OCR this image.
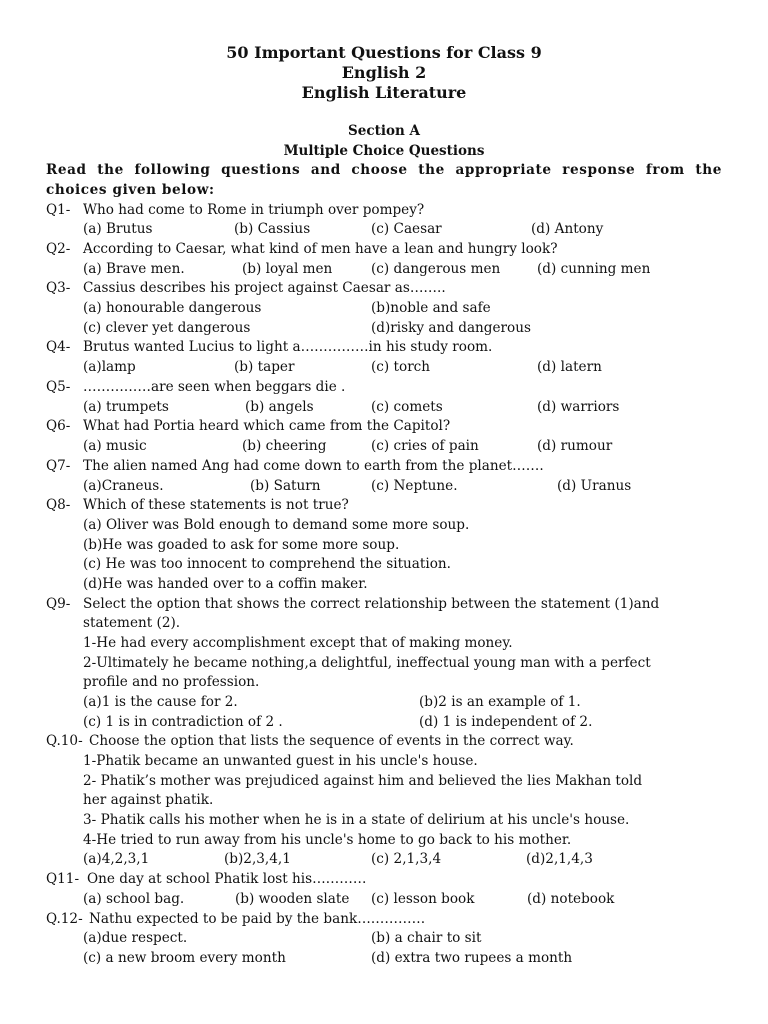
50 Important Questions for Class 9
English 2
English Literature
Section A
Multiple Choice Questions
Read the following questions and choose the appropriate response from the
choices given below:
Q1- Who had come to Rome in triumph over pompey?
(a) Brutus	(b) Cassius	(c) Caesar	(d) Antony
Q2- According to Caesar, what kind of men have a lean and hungry look?
(a) Brave men.	(b) loyal men	(c) dangerous men	(d) cunning men
Q3- Cassius describes his project against Caesar as……..
(a) honourable dangerous	(b)noble and safe
(c) clever yet dangerous	(d)risky and dangerous
Q4- Brutus wanted Lucius to light a……………in his study room.
(a)lamp	(b) taper	(c) torch	(d) latern
Q5- ……………are seen when beggars die .
(a) trumpets	(b) angels	(c) comets	(d) warriors
Q6- What had Portia heard which came from the Capitol?
(a) music	(b) cheering	(c) cries of pain	(d) rumour
Q7- The alien named Ang had come down to earth from the planet…….
(a)Craneus.	(b) Saturn	(c) Neptune.	(d) Uranus
Q8- Which of these statements is not true?
(a) Oliver was Bold enough to demand some more soup.
(b)He was goaded to ask for some more soup.
(c) He was too innocent to comprehend the situation.
(d)He was handed over to a coffin maker.
Q9- Select the option that shows the correct relationship between the statement (1)and
statement (2).
1-He had every accomplishment except that of making money.
2-Ultimately he became nothing,a delightful, ineffectual young man with a perfect
profile and no profession.
(a)1 is the cause for 2.	(b)2 is an example of 1.
(c) 1 is in contradiction of 2 .	(d) 1 is independent of 2.
Q.10- Choose the option that lists the sequence of events in the correct way.
1-Phatik became an unwanted guest in his uncle's house.
2- Phatik’s mother was prejudiced against him and believed the lies Makhan told
her against phatik.
3- Phatik calls his mother when he is in a state of delirium at his uncle's house.
4-He tried to run away from his uncle's home to go back to his mother.
(a)4,2,3,1	(b)2,3,4,1	(c) 2,1,3,4	(d)2,1,4,3
Q11- One day at school Phatik lost his…………
(a) school bag.	(b) wooden slate (c) lesson book	(d) notebook
Q.12- Nathu expected to be paid by the bank……………
(a)due respect.	(b) a chair to sit
(c) a new broom every month	(d) extra two rupees a month
